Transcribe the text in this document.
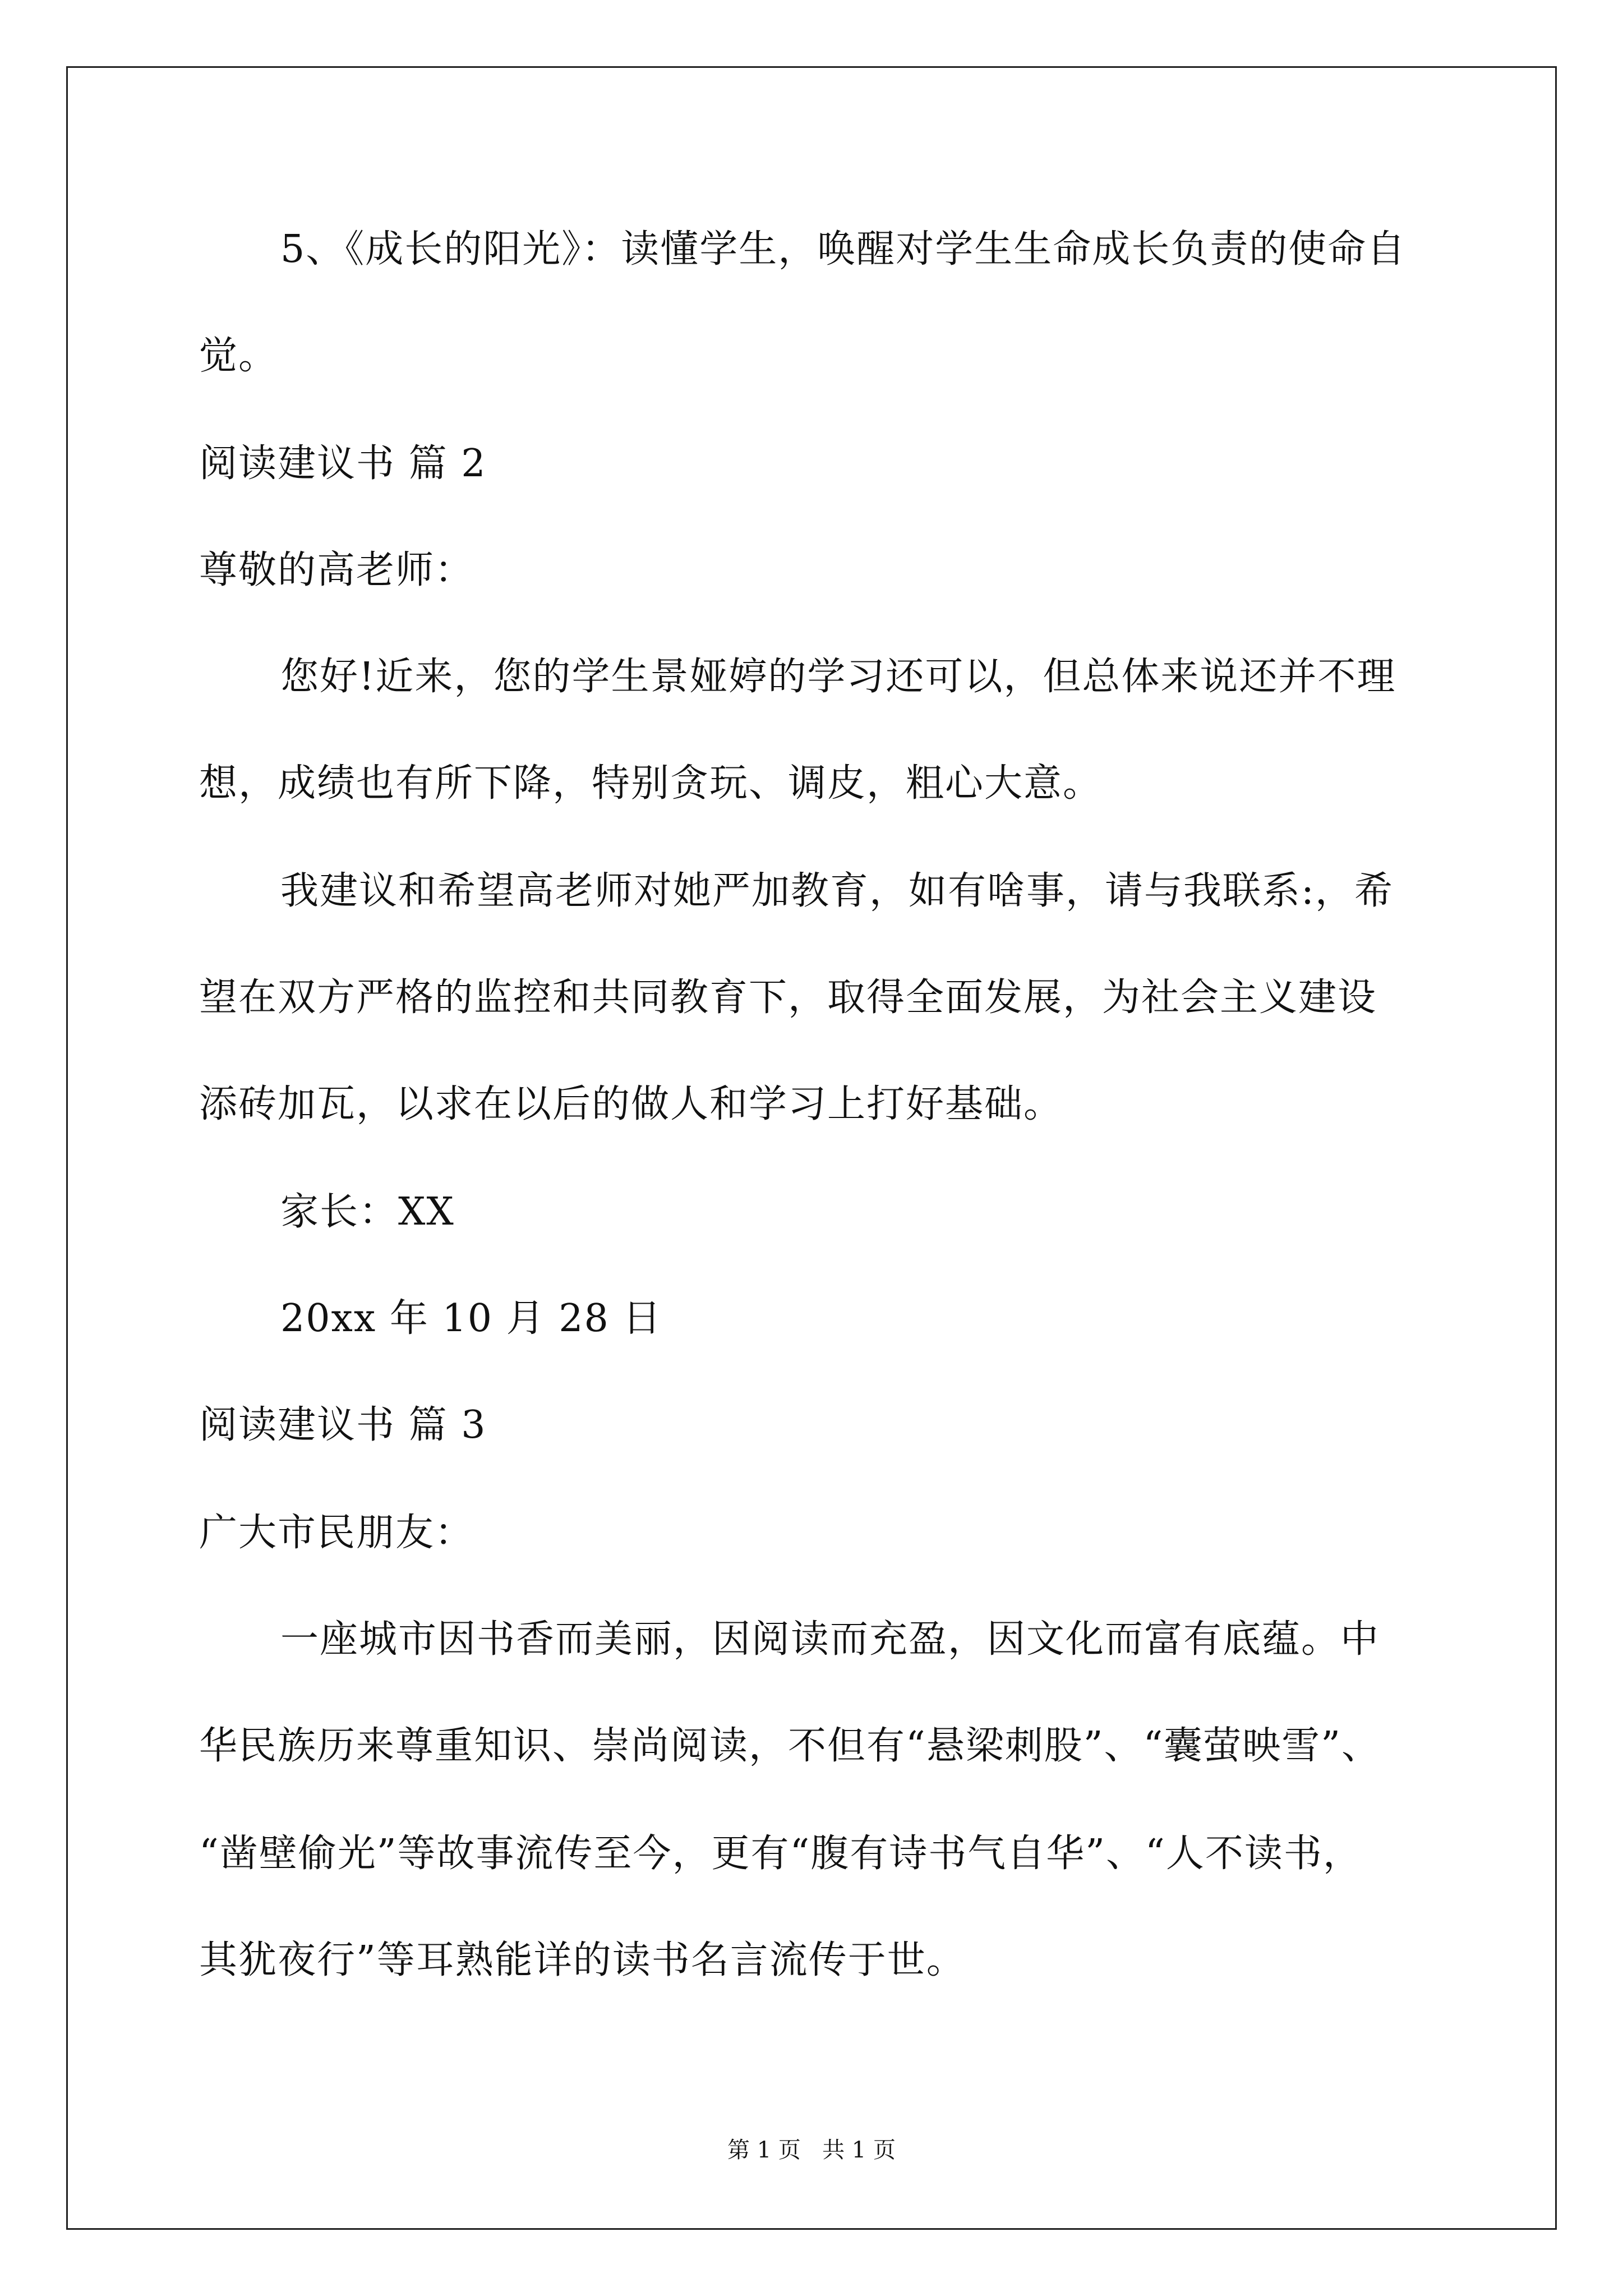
5、《成长的阳光》：读懂学生，唤醒对学生生命成长负责的使命自
觉。
阅读建议书 篇 2
尊敬的高老师：
您好!近来，您的学生景娅婷的学习还可以，但总体来说还并不理
想，成绩也有所下降，特别贪玩、调皮，粗心大意。
我建议和希望高老师对她严加教育，如有啥事，请与我联系:，希
望在双方严格的监控和共同教育下，取得全面发展，为社会主义建设
添砖加瓦，以求在以后的做人和学习上打好基础。
家长：XX
20xx 年 10 月 28 日
阅读建议书 篇 3
广大市民朋友：
一座城市因书香而美丽，因阅读而充盈，因文化而富有底蕴。中
华民族历来尊重知识、崇尚阅读，不但有“悬梁刺股”、“囊萤映雪”、
“凿壁偷光”等故事流传至今，更有“腹有诗书气自华”、“人不读书，
其犹夜行”等耳熟能详的读书名言流传于世。
第 1 页   共 1 页
